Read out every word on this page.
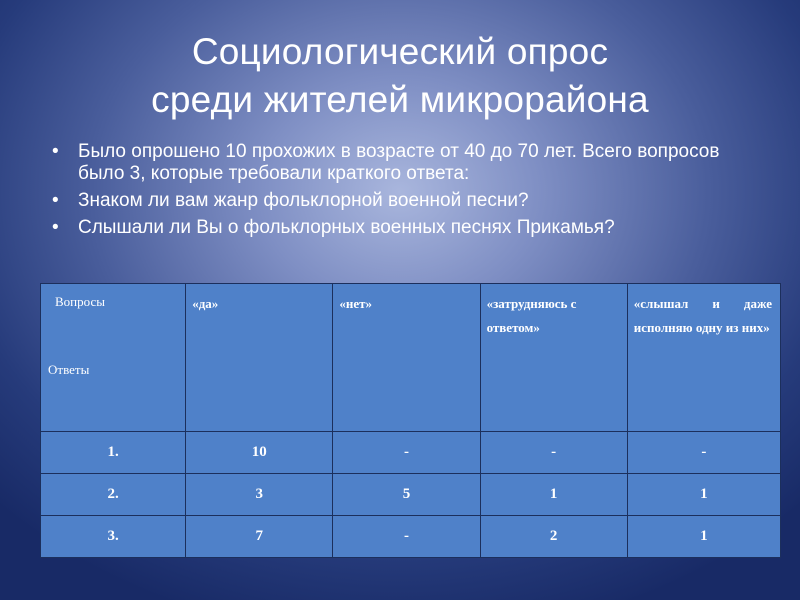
Социологический опрос
среди жителей микрорайона
• Было опрошено 10 прохожих в возрасте от 40 до 70 лет. Всего вопросов было 3, которые требовали краткого ответа:
• Знаком ли вам жанр фольклорной военной песни?
• Слышали ли Вы о фольклорных военных песнях Прикамья?
Вопросы
Ответы	«да»	«нет»	«затрудняюсь с ответом»	«слышал и даже исполняю одну из них»

1.	10	-	-	-
2.	3	5	1	1
3.	7	-	2	1
